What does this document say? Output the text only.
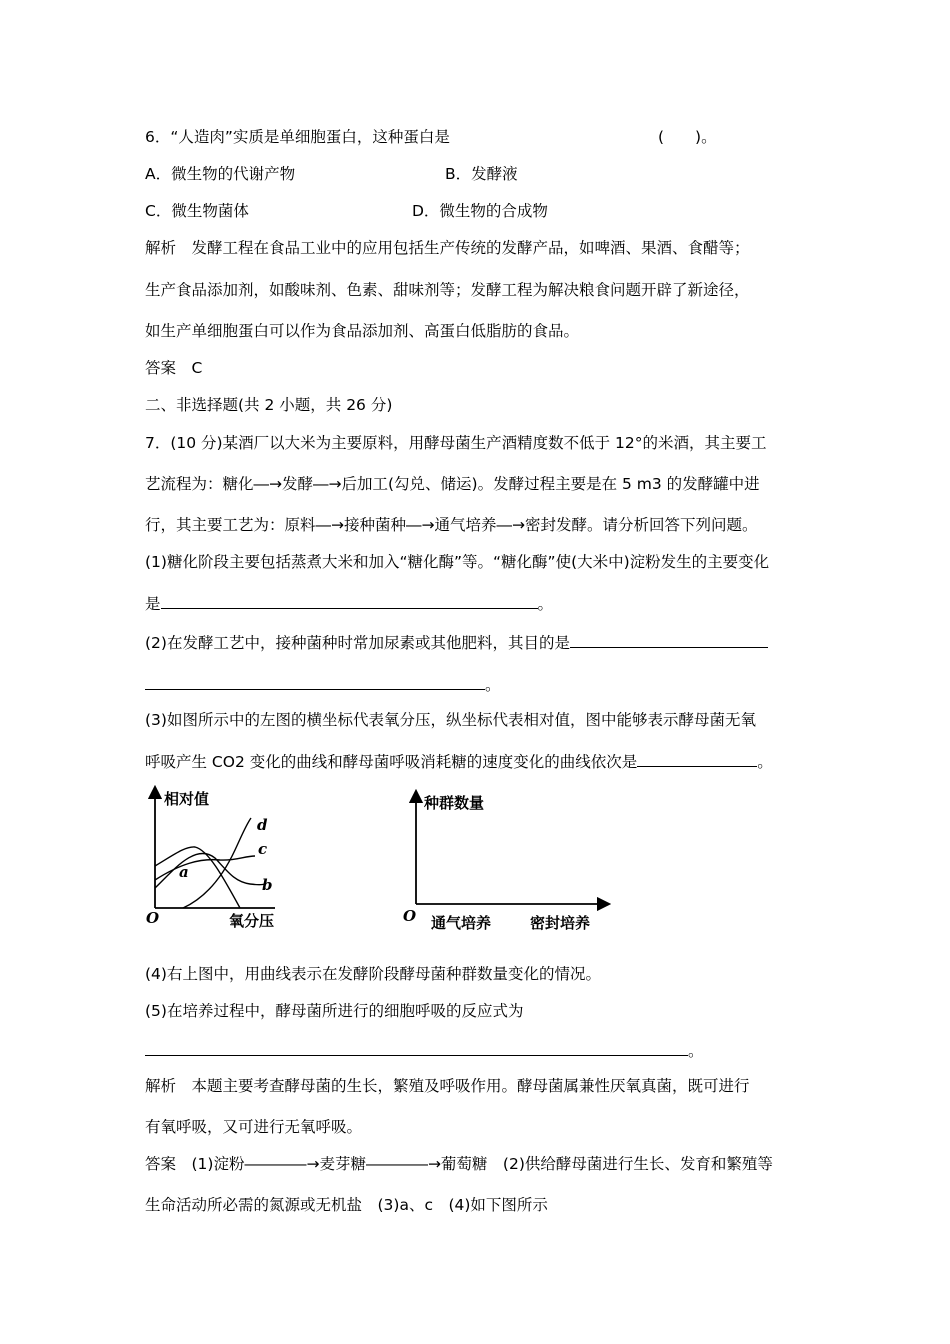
6．“人造肉”实质是单细胞蛋白，这种蛋白是	(　　)。
A．微生物的代谢产物	B．发酵液
C．微生物菌体	D．微生物的合成物
解析　发酵工程在食品工业中的应用包括生产传统的发酵产品，如啤酒、果酒、食醋等；
生产食品添加剂，如酸味剂、色素、甜味剂等；发酵工程为解决粮食问题开辟了新途径，
如生产单细胞蛋白可以作为食品添加剂、高蛋白低脂肪的食品。
答案　C
二、非选择题(共 2 小题，共 26 分)
7．(10 分)某酒厂以大米为主要原料，用酵母菌生产酒精度数不低于 12°的米酒，其主要工
艺流程为：糖化―→发酵―→后加工(勾兑、储运)。发酵过程主要是在 5 m3 的发酵罐中进
行，其主要工艺为：原料―→接种菌种―→通气培养―→密封发酵。请分析回答下列问题。
(1)糖化阶段主要包括蒸煮大米和加入“糖化酶”等。“糖化酶”使(大米中)淀粉发生的主要变化
是	。
(2)在发酵工艺中，接种菌种时常加尿素或其他肥料，其目的是
。
(3)如图所示中的左图的横坐标代表氧分压，纵坐标代表相对值，图中能够表示酵母菌无氧
呼吸产生 CO2 变化的曲线和酵母菌呼吸消耗糖的速度变化的曲线依次是	。
相对值
O	氧分压
d
c
a
b
种群数量
O 通气培养	密封培养
(4)右上图中，用曲线表示在发酵阶段酵母菌种群数量变化的情况。
(5)在培养过程中，酵母菌所进行的细胞呼吸的反应式为
。
解析　本题主要考查酵母菌的生长，繁殖及呼吸作用。酵母菌属兼性厌氧真菌，既可进行
有氧呼吸，又可进行无氧呼吸。
答案　(1)淀粉――――→麦芽糖――――→葡萄糖　(2)供给酵母菌进行生长、发育和繁殖等
生命活动所必需的氮源或无机盐　(3)a、c　(4)如下图所示
